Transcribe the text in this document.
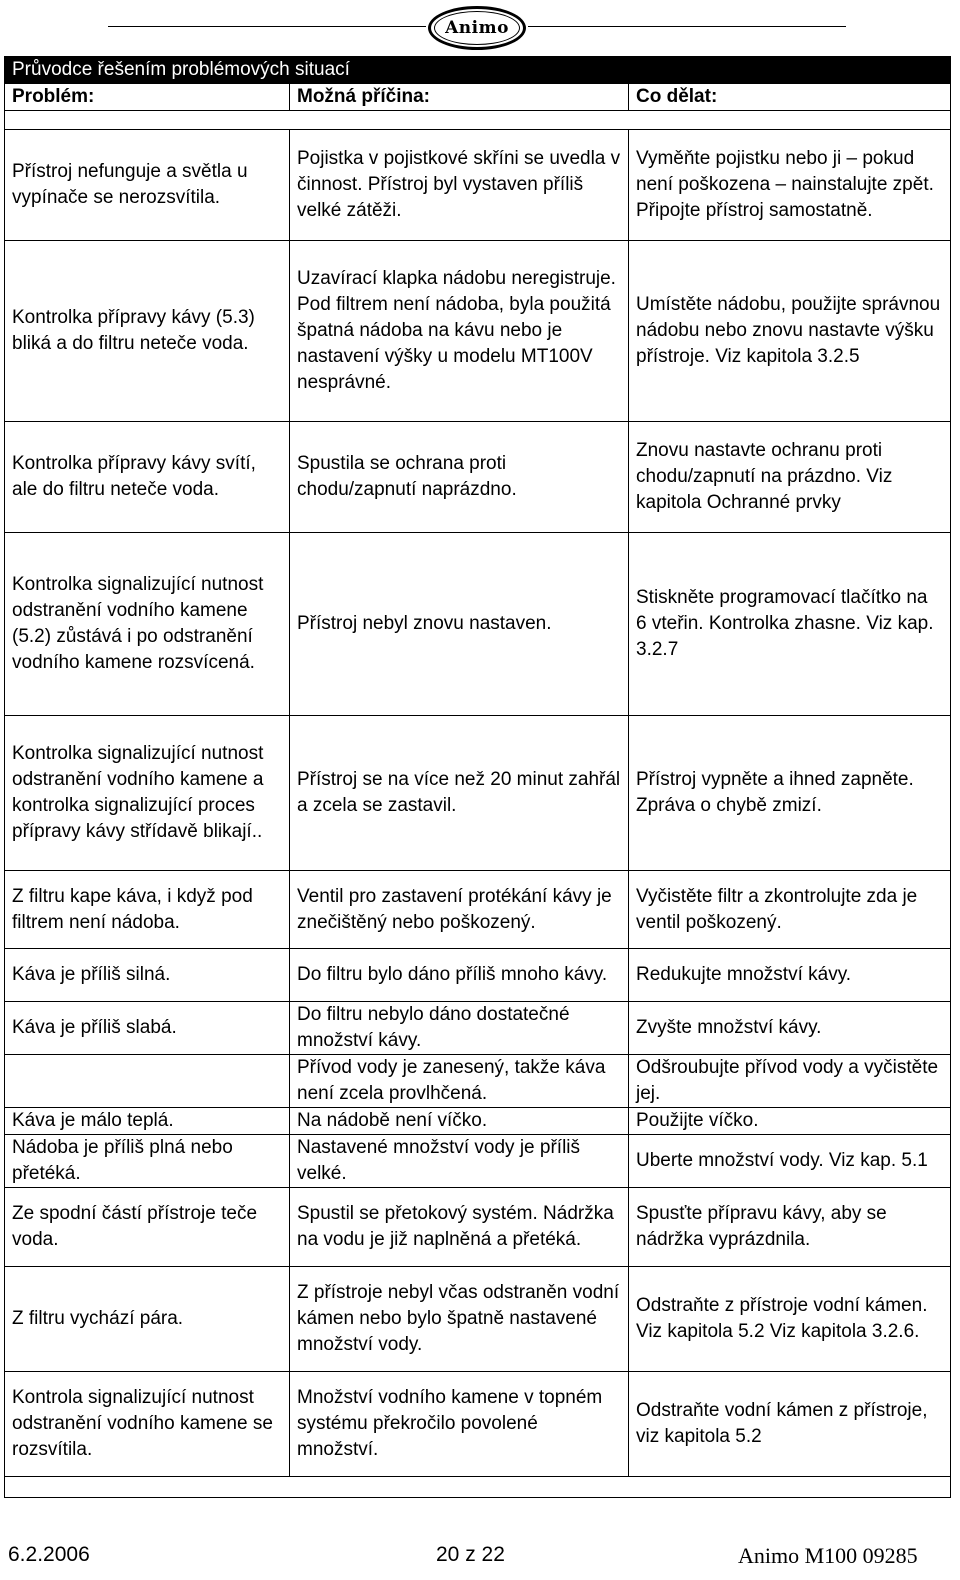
Animo
Průvodce řešením problémových situací		
Problém:	Možná příčina:	Co dělat:

Přístroj nefunguje a světla u vypínače se nerozsvítila.	Pojistka v pojistkové skříni se uvedla v činnost. Přístroj byl vystaven příliš velké zátěži.	Vyměňte pojistku nebo ji – pokud není poškozena – nainstalujte zpět. Připojte přístroj samostatně.
Kontrolka přípravy kávy (5.3) bliká a do filtru neteče voda.	Uzavírací klapka nádobu neregistruje. Pod filtrem není nádoba, byla použitá špatná nádoba na kávu nebo je nastavení výšky u modelu MT100V nesprávné.	Umístěte nádobu, použijte správnou nádobu nebo znovu nastavte výšku přístroje. Viz kapitola 3.2.5
Kontrolka přípravy kávy svítí, ale do filtru neteče voda.	Spustila se ochrana proti chodu/zapnutí naprázdno.	Znovu nastavte ochranu proti chodu/zapnutí na prázdno. Viz kapitola Ochranné prvky
Kontrolka signalizující nutnost odstranění vodního kamene (5.2) zůstává i po odstranění vodního kamene rozsvícená.	Přístroj nebyl znovu nastaven.	Stiskněte programovací tlačítko na 6 vteřin. Kontrolka zhasne. Viz kap. 3.2.7
Kontrolka signalizující nutnost odstranění vodního kamene a kontrolka signalizující proces přípravy kávy střídavě blikají..	Přístroj se na více než 20 minut zahřál a zcela se zastavil.	Přístroj vypněte a ihned zapněte. Zpráva o chybě zmizí.
Z filtru kape káva, i když pod filtrem není nádoba.	Ventil pro zastavení protékání kávy je znečištěný nebo poškozený.	Vyčistěte filtr a zkontrolujte zda je ventil poškozený.
Káva je příliš silná.	Do filtru bylo dáno příliš mnoho kávy.	Redukujte množství kávy.
Káva je příliš slabá.	Do filtru nebylo dáno dostatečné množství kávy.	Zvyšte množství kávy.
	Přívod vody je zanesený, takže káva není zcela provlhčená.	Odšroubujte přívod vody a vyčistěte jej.
Káva je málo teplá.	Na nádobě není víčko.	Použijte víčko.
Nádoba je příliš plná nebo přetéká.	Nastavené množství vody je příliš velké.	Uberte množství vody. Viz kap. 5.1
Ze spodní částí přístroje teče voda.	Spustil se přetokový systém. Nádržka na vodu je již naplněná a přetéká.	Spusťte přípravu kávy, aby se nádržka vyprázdnila.
Z filtru vychází pára.	Z přístroje nebyl včas odstraněn vodní kámen nebo bylo špatně nastavené množství vody.	Odstraňte z přístroje vodní kámen. Viz kapitola 5.2 Viz kapitola 3.2.6.
Kontrola signalizující nutnost odstranění vodního kamene se rozsvítila.	Množství vodního kamene v topném systému překročilo povolené množství.	Odstraňte vodní kámen z přístroje, viz kapitola 5.2

6.2.2006	20 z 22	Animo M100 09285
